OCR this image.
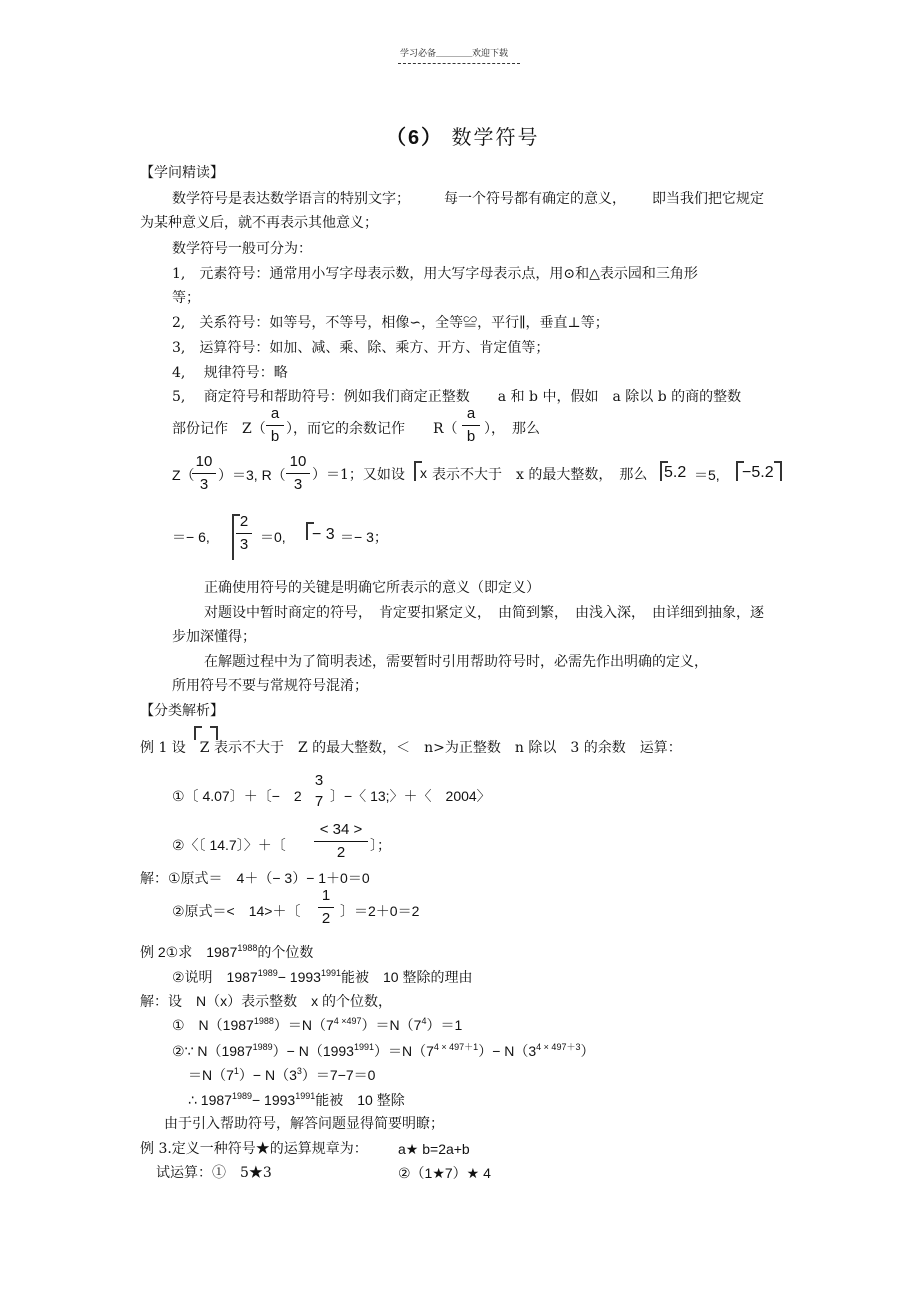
学习必备＿＿＿＿欢迎下载
（6） 数学符号
【学问精读】
数学符号是表达数学语言的特别文字； 每一个符号都有确定的意义， 即当我们把它规定
为某种意义后，就不再表示其他意义；
数学符号一般可分为：
1,　元素符号：通常用小写字母表示数，用大写字母表示点，用⊙和△表示园和三角形
等；
2,　关系符号：如等号，不等号，相像∽，全等≌，平行∥，垂直⊥等；
3,　运算符号：如加、减、乘、除、乘方、开方、肯定值等；
4,　 规律符号：略
5,　 商定符号和帮助符号：例如我们商定正整数　　a 和 b 中，假如　a 除以 b 的商的整数
部份记作　Z（
a
b ），而它的余数记作　　R（
a
b ），　那么
Z（
10
3
）＝3, R（
10
3
）＝1；又如设 x 表示不大于　x 的最大整数，　那么 5.2 ＝5, −5.2
＝− 6,
2
3 ＝0, − 3 ＝− 3；
正确使用符号的关键是明确它所表示的意义（即定义）
对题设中暂时商定的符号，　肯定要扣紧定义，　由简到繁，　由浅入深，　由详细到抽象，逐
步加深懂得；
在解题过程中为了简明表述，需要暂时引用帮助符号时，必需先作出明确的定义，
所用符号不要与常规符号混淆；
【分类解析】
例 1 设　Z 表示不大于　Z 的最大整数，＜　n>为正整数　n 除以　3 的余数　运算：
①〔 4.07〕＋〔−　2
3
7 〕−〈 13;〉＋〈　2004〉
②〈〔 14.7〕〉＋〔
< 34 >
2	〕；
解：①原式＝　4＋（− 3）− 1＋0＝0
②原式＝<　14>＋〔
1
2 〕＝2＋0＝2
例 2①求　$1987^{1988}$的个位数
②说明　$1987^{1989}- 1993^{1991}$能被　10 整除的理由
解：设　N（x）表示整数　x 的个位数，
①　$N(1987^{1988})=N(7^{4 \times 497})=N(7^4)=1$
②∵ $N(1987^{1989})- N(1993^{1991})=N(7^{4 \times 497+1})- N(3^{4 \times 497+3})$
$=N(7^1)- N(3^3)=7-7=0$
∴ $1987^{1989}- 1993^{1991}$能被　10 整除
由于引入帮助符号，解答问题显得简要明瞭；
例 3.定义一种符号★的运算规章为： a★ b=2a+b
试运算：①　5★3	②（1★7）★ 4
